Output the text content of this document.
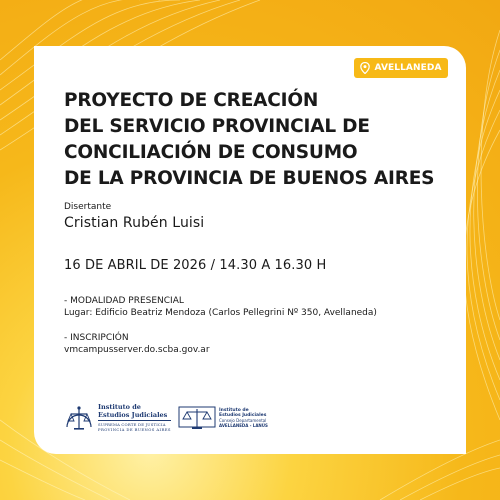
AVELLANEDA
PROYECTO DE CREACIÓN
DEL SERVICIO PROVINCIAL DE
CONCILIACIÓN DE CONSUMO
DE LA PROVINCIA DE BUENOS AIRES
Disertante
Cristian Rubén Luisi
16 DE ABRIL DE 2026 / 14.30 A 16.30 H
- MODALIDAD PRESENCIAL
Lugar: Edificio Beatriz Mendoza (Carlos Pellegrini Nº 350, Avellaneda)
- INSCRIPCIÓN
vmcampusserver.do.scba.gov.ar
Instituto de
Estudios Judiciales
SUPREMA CORTE DE JUSTICIA
PROVINCIA DE BUENOS AIRES
Instituto de
Estudios Judiciales
Consejo Departamental
AVELLANEDA - LANÚS
